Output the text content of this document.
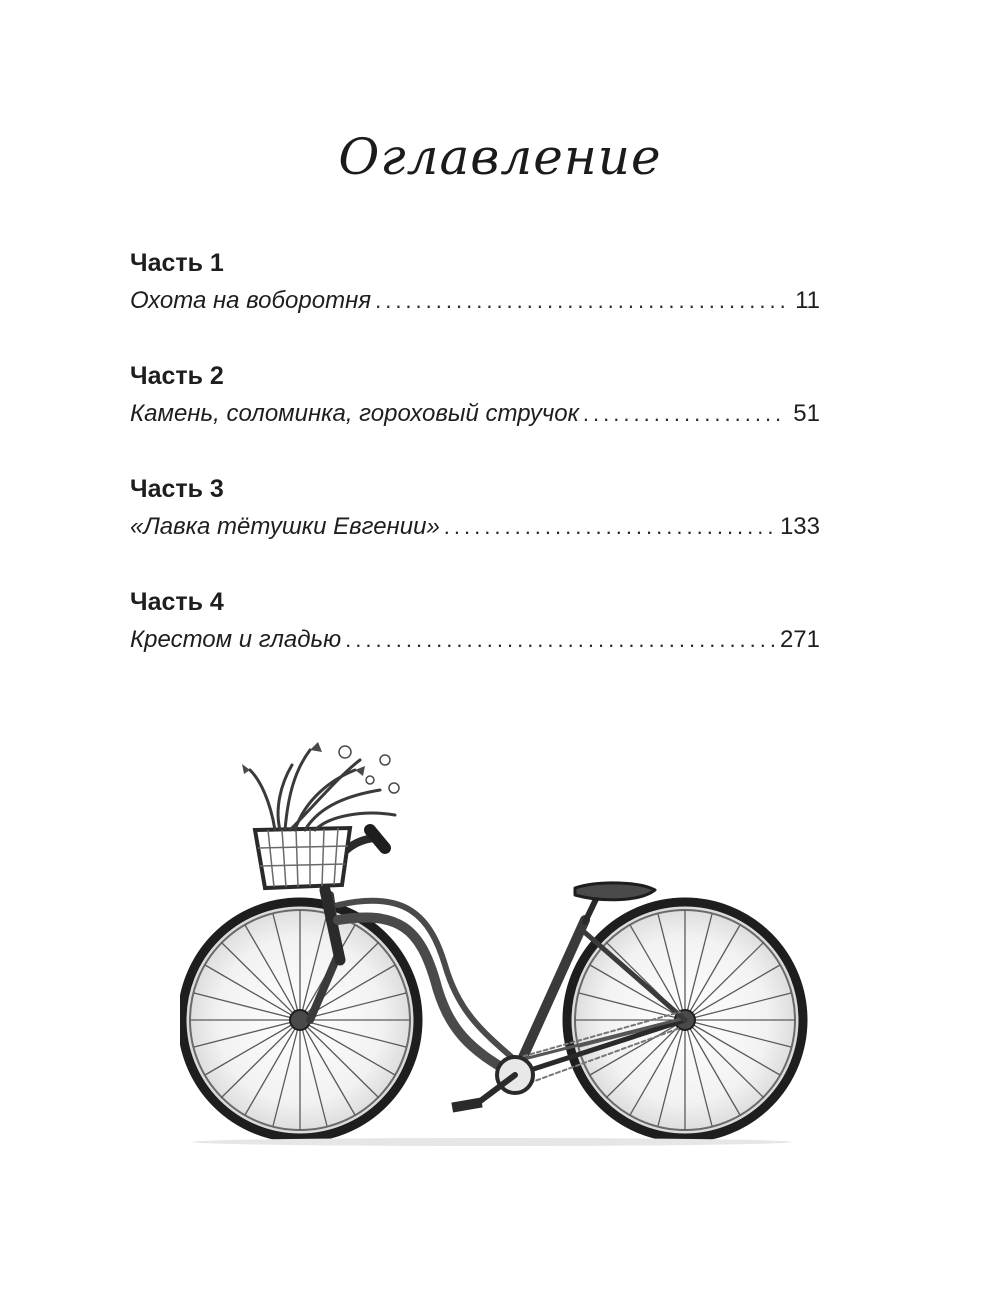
Оглавление
Часть 1
Охота на воборотня .....	11
Часть 2
Камень, соломинка, гороховый стручок .....	51
Часть 3
«Лавка тётушки Евгении» .....	133
Часть 4
Крестом и гладью .....	271
